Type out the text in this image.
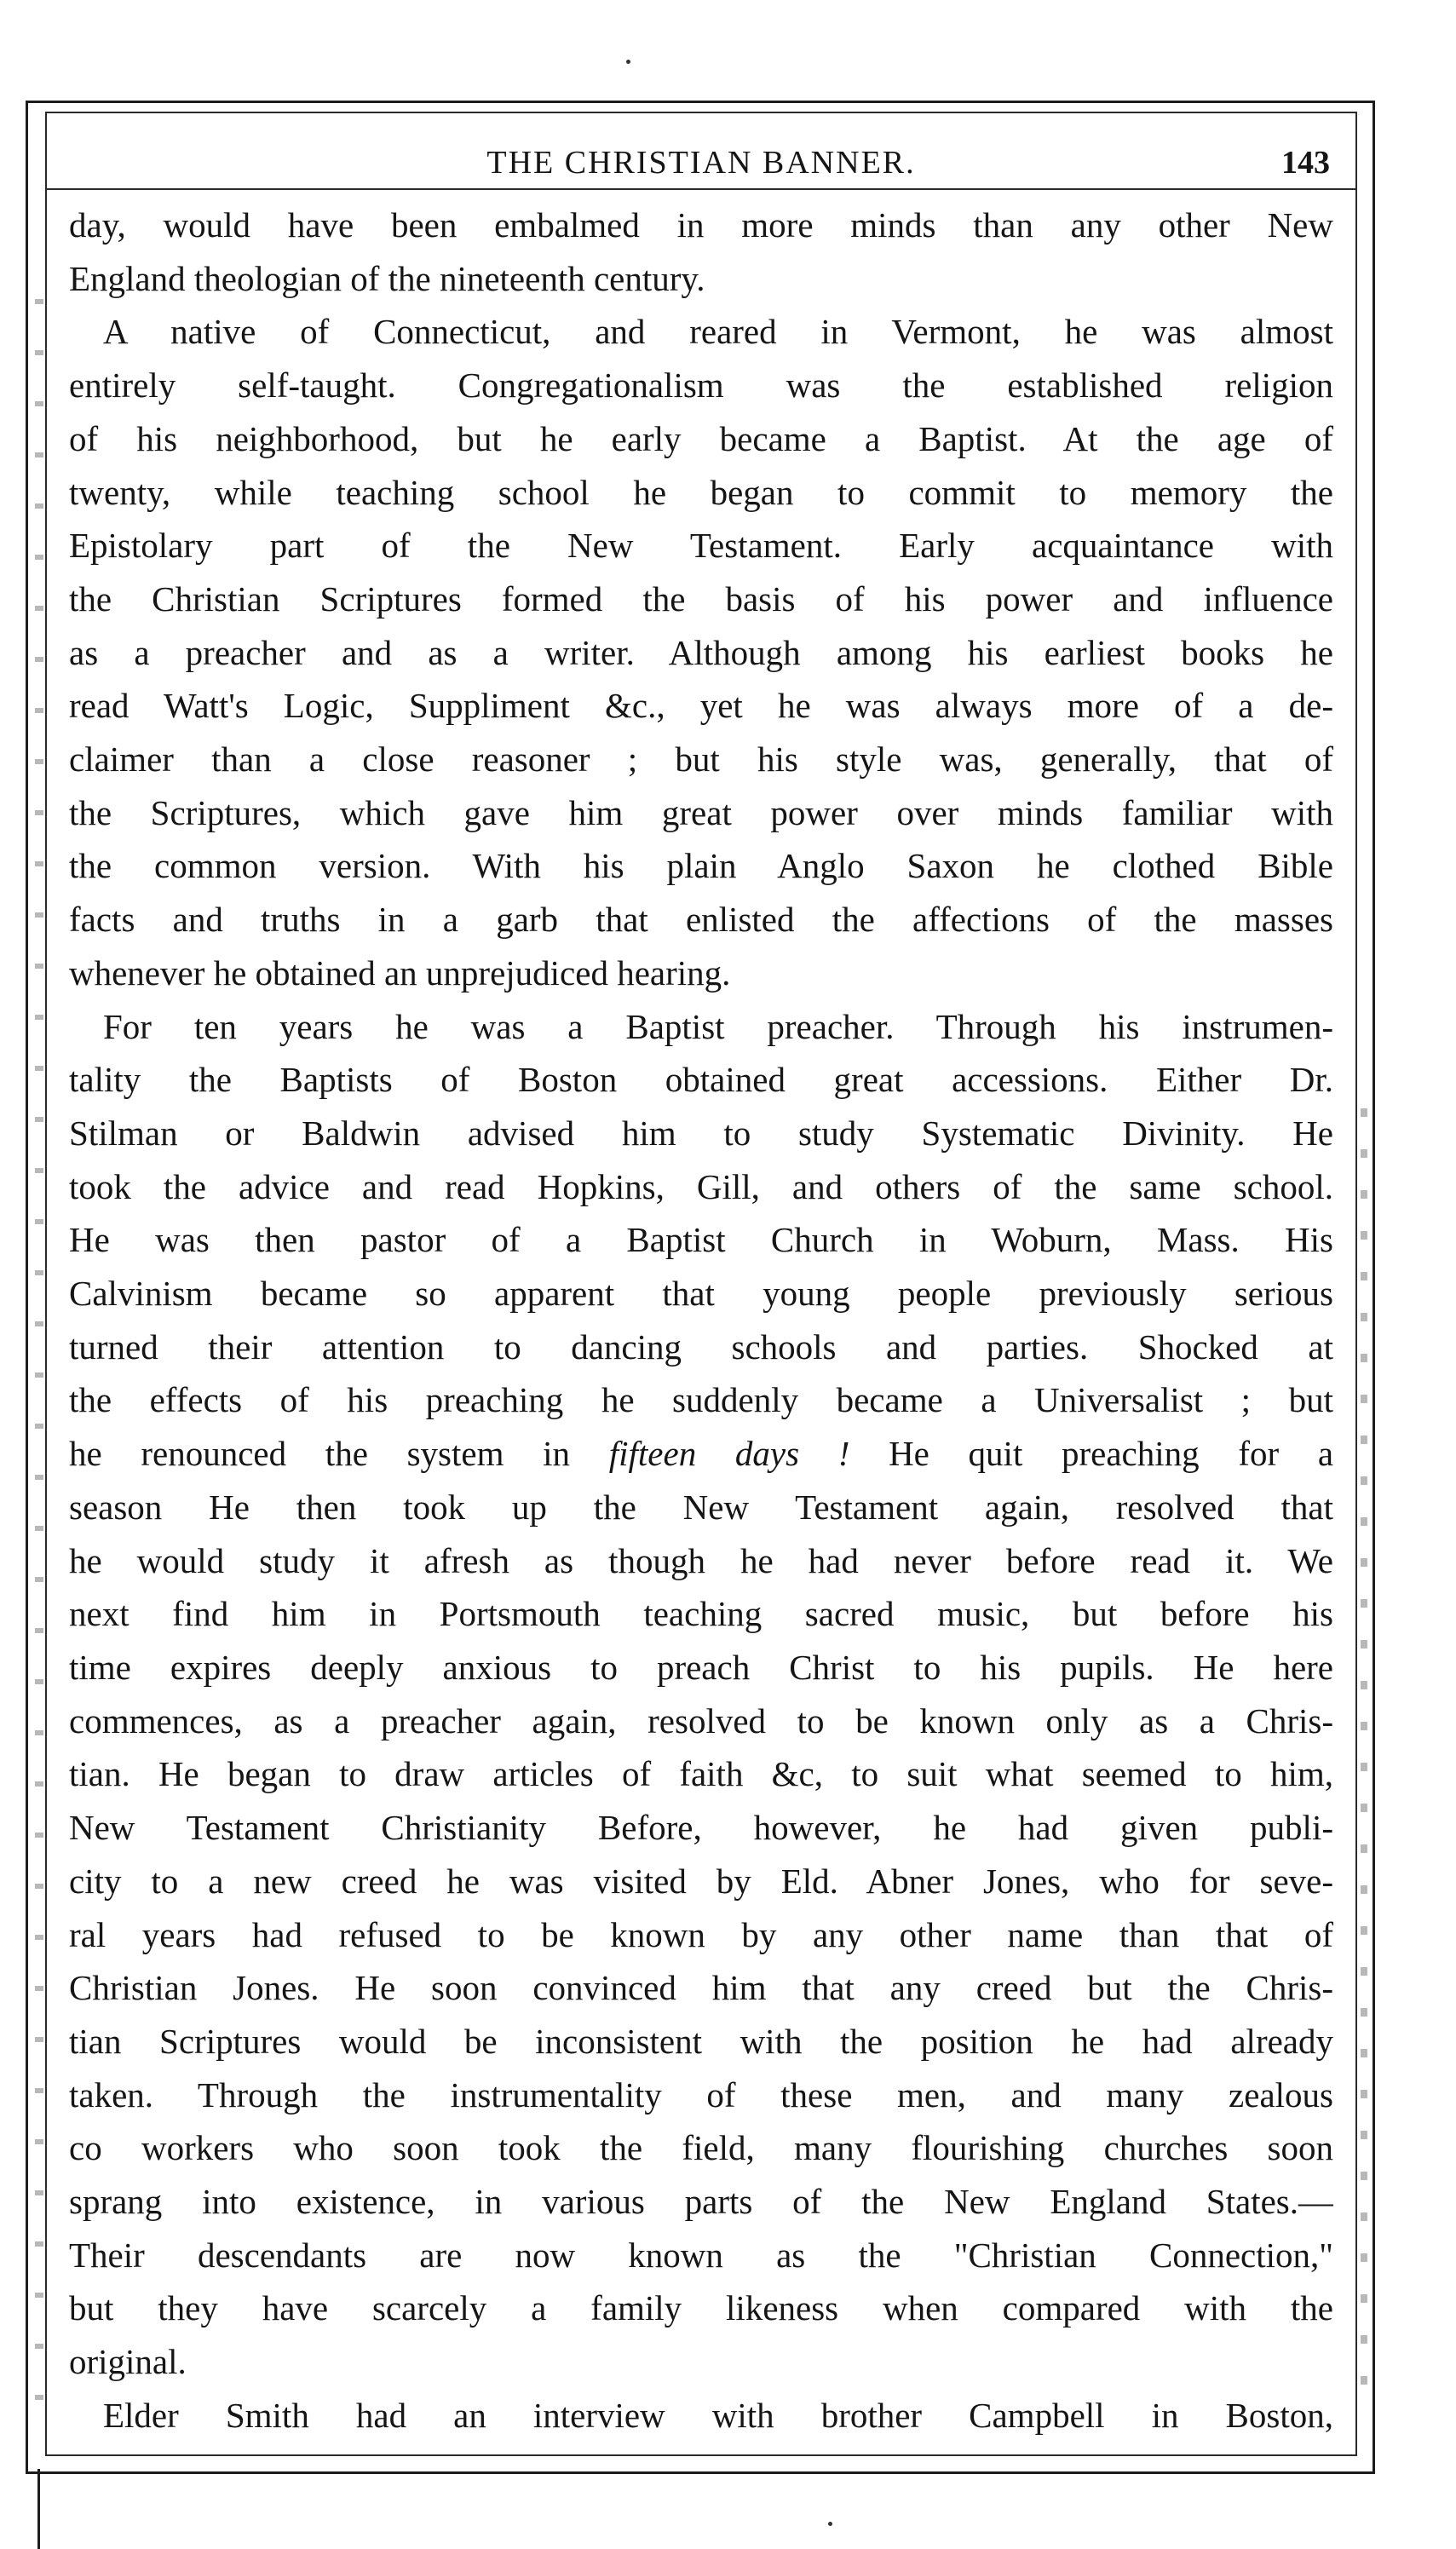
THE CHRISTIAN BANNER.	143
day, would have been embalmed in more minds than any other New
England theologian of the nineteenth century.
A native of Connecticut, and reared in Vermont, he was almost
entirely self-taught. Congregationalism was the established religion
of his neighborhood, but he early became a Baptist. At the age of
twenty, while teaching school he began to commit to memory the
Epistolary part of the New Testament. Early acquaintance with
the Christian Scriptures formed the basis of his power and influence
as a preacher and as a writer. Although among his earliest books he
read Watt's Logic, Suppliment &c., yet he was always more of a de-
claimer than a close reasoner ; but his style was, generally, that of
the Scriptures, which gave him great power over minds familiar with
the common version. With his plain Anglo Saxon he clothed Bible
facts and truths in a garb that enlisted the affections of the masses
whenever he obtained an unprejudiced hearing.
For ten years he was a Baptist preacher. Through his instrumen-
tality the Baptists of Boston obtained great accessions. Either Dr.
Stilman or Baldwin advised him to study Systematic Divinity. He
took the advice and read Hopkins, Gill, and others of the same school.
He was then pastor of a Baptist Church in Woburn, Mass. His
Calvinism became so apparent that young people previously serious
turned their attention to dancing schools and parties. Shocked at
the effects of his preaching he suddenly became a Universalist ; but
he renounced the system in fifteen days ! He quit preaching for a
season He then took up the New Testament again, resolved that
he would study it afresh as though he had never before read it. We
next find him in Portsmouth teaching sacred music, but before his
time expires deeply anxious to preach Christ to his pupils. He here
commences, as a preacher again, resolved to be known only as a Chris-
tian. He began to draw articles of faith &c, to suit what seemed to him,
New Testament Christianity Before, however, he had given publi-
city to a new creed he was visited by Eld. Abner Jones, who for seve-
ral years had refused to be known by any other name than that of
Christian Jones. He soon convinced him that any creed but the Chris-
tian Scriptures would be inconsistent with the position he had already
taken. Through the instrumentality of these men, and many zealous
co workers who soon took the field, many flourishing churches soon
sprang into existence, in various parts of the New England States.—
Their descendants are now known as the "Christian Connection,"
but they have scarcely a family likeness when compared with the
original.
Elder Smith had an interview with brother Campbell in Boston,
